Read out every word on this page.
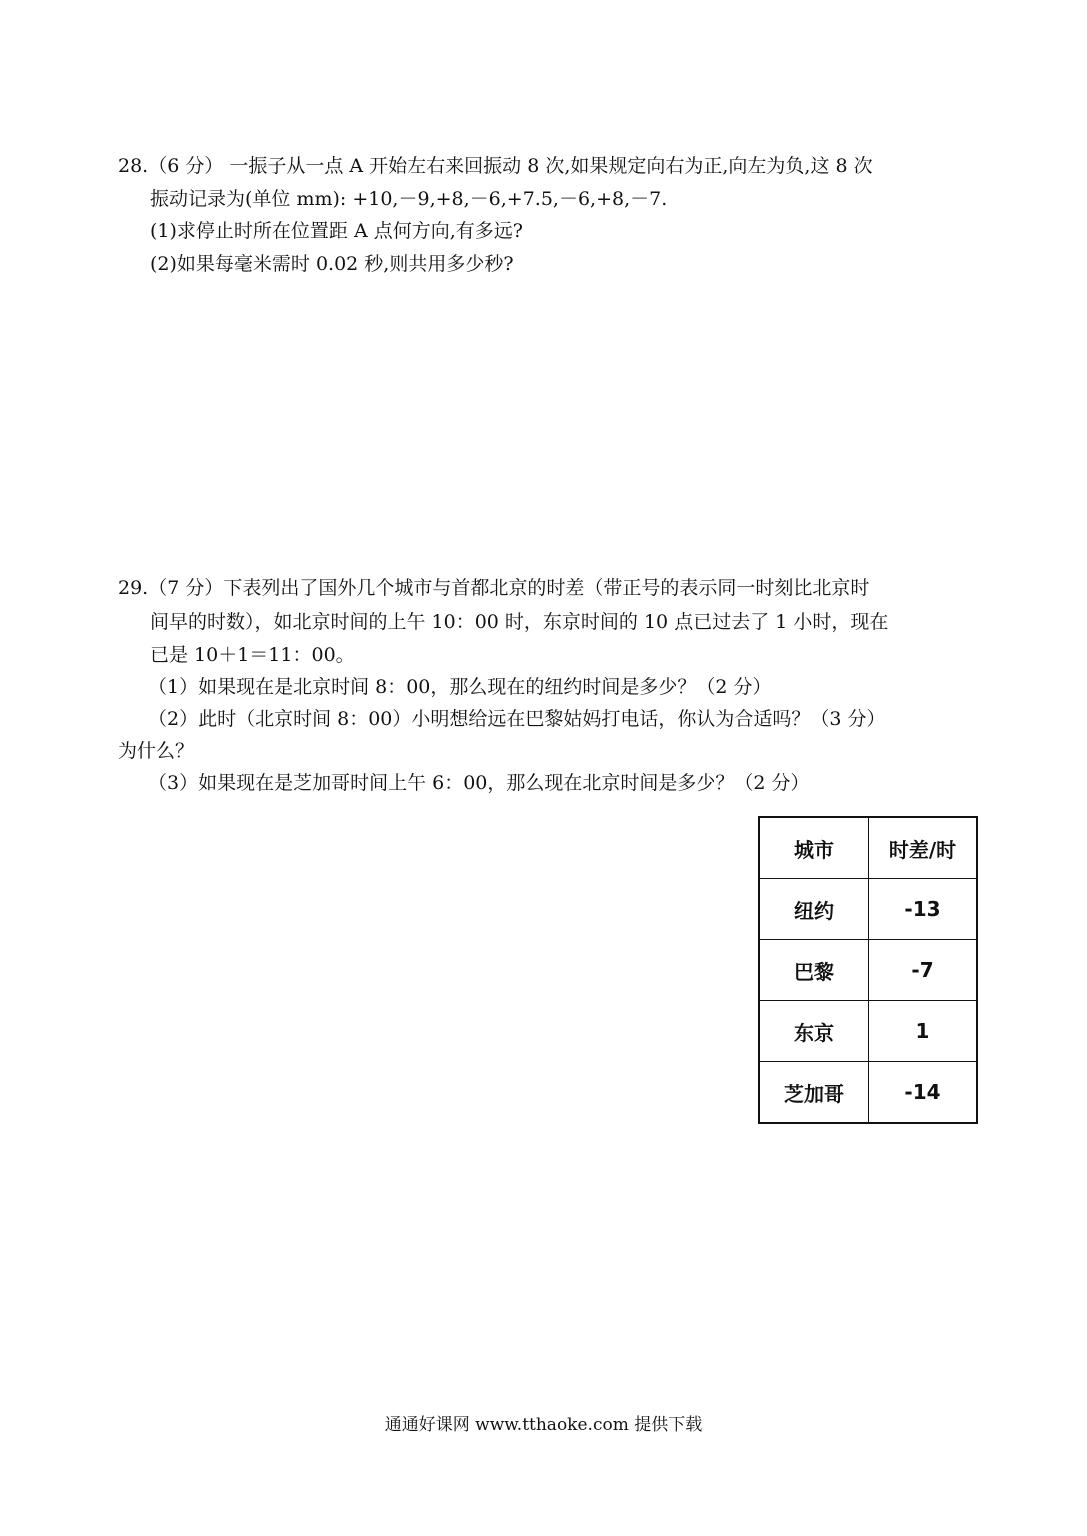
28.（6 分） 一振子从一点 A 开始左右来回振动 8 次,如果规定向右为正,向左为负,这 8 次
振动记录为(单位 mm): +10,－9,+8,－6,+7.5,－6,+8,－7.
(1)求停止时所在位置距 A 点何方向,有多远?
(2)如果每毫米需时 0.02 秒,则共用多少秒?
29.（7 分）下表列出了国外几个城市与首都北京的时差（带正号的表示同一时刻比北京时
间早的时数），如北京时间的上午 10：00 时，东京时间的 10 点已过去了 1 小时，现在
已是 10＋1＝11：00。
（1）如果现在是北京时间 8：00，那么现在的纽约时间是多少？（2 分）
（2）此时（北京时间 8：00）小明想给远在巴黎姑妈打电话，你认为合适吗？（3 分）
为什么？
（3）如果现在是芝加哥时间上午 6：00，那么现在北京时间是多少？（2 分）
城市	时差/时
纽约	-13
巴黎	-7
东京	1
芝加哥	-14
通通好课网 www.tthaoke.com 提供下载
